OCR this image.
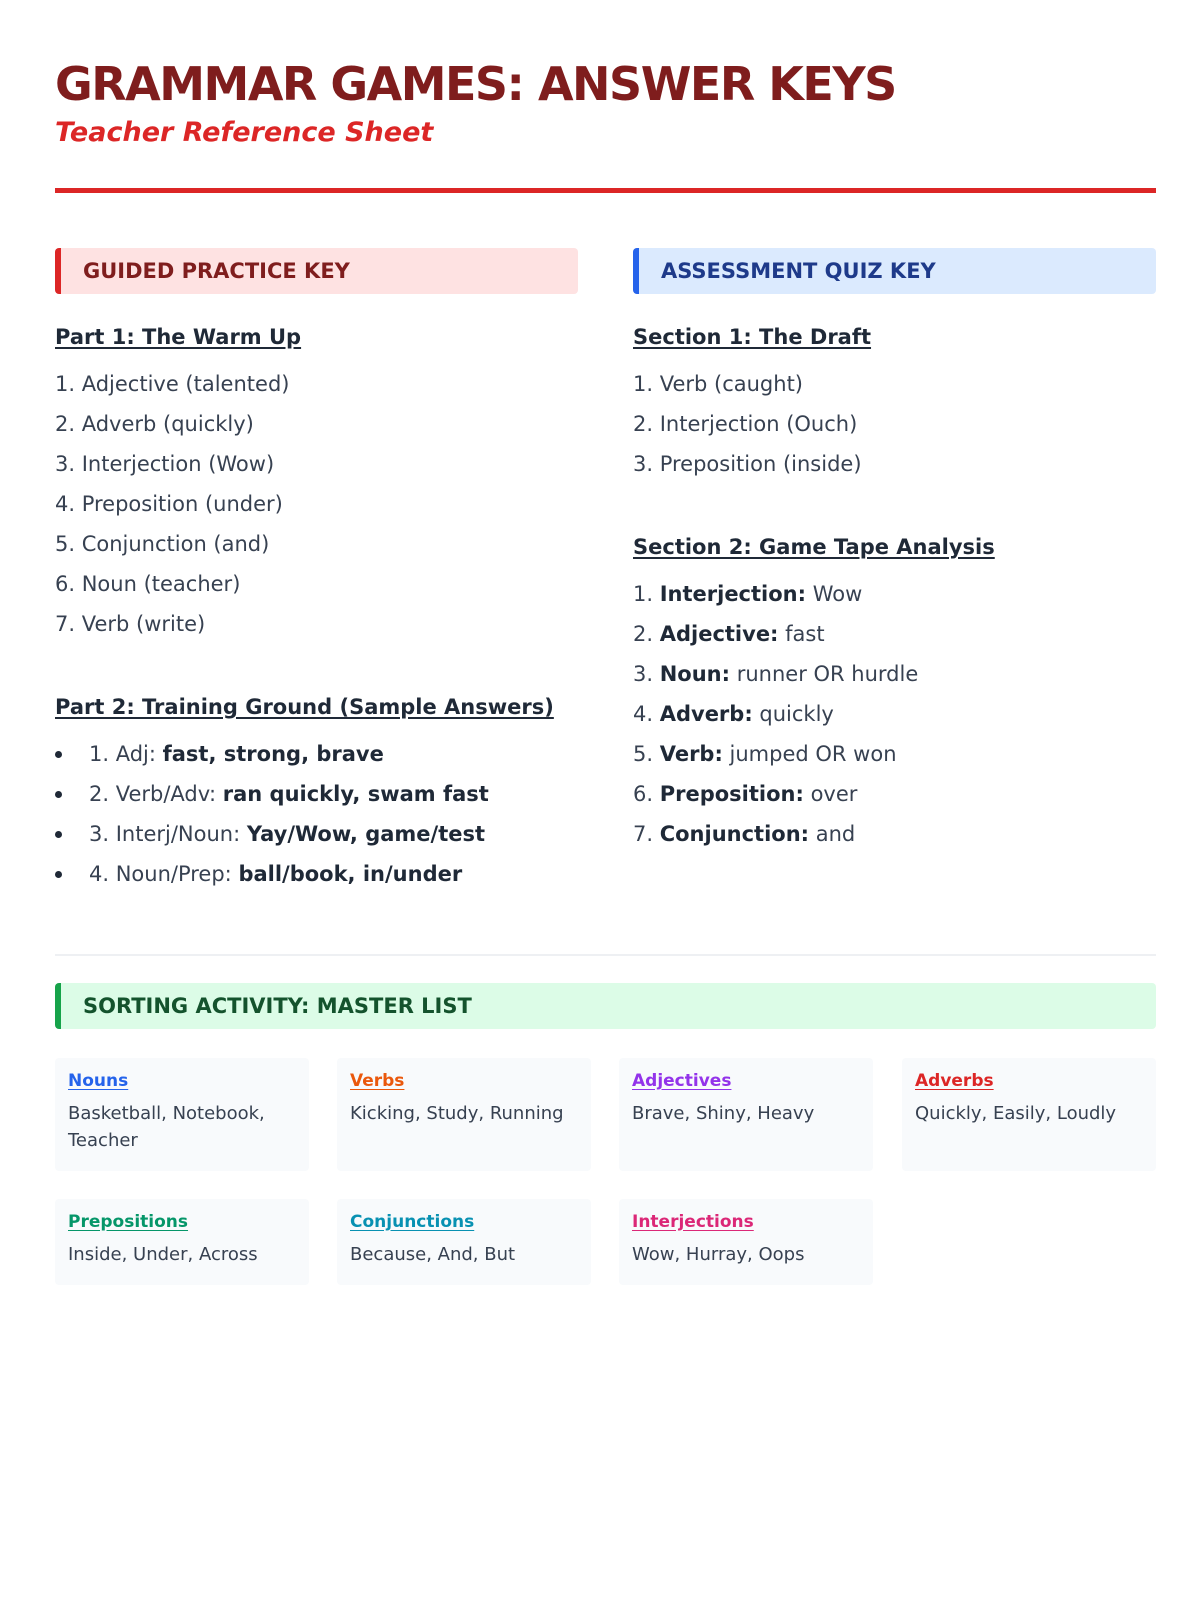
GRAMMAR GAMES: ANSWER KEYS
Teacher Reference Sheet
GUIDED PRACTICE KEY
Part 1: The Warm Up
1. Adjective (talented)
2. Adverb (quickly)
3. Interjection (Wow)
4. Preposition (under)
5. Conjunction (and)
6. Noun (teacher)
7. Verb (write)
Part 2: Training Ground (Sample Answers)
1. Adj: fast, strong, brave
2. Verb/Adv: ran quickly, swam fast
3. Interj/Noun: Yay/Wow, game/test
4. Noun/Prep: ball/book, in/under
ASSESSMENT QUIZ KEY
Section 1: The Draft
1. Verb (caught)
2. Interjection (Ouch)
3. Preposition (inside)
Section 2: Game Tape Analysis
1. Interjection: Wow
2. Adjective: fast
3. Noun: runner OR hurdle
4. Adverb: quickly
5. Verb: jumped OR won
6. Preposition: over
7. Conjunction: and
SORTING ACTIVITY: MASTER LIST
Nouns
Basketball, Notebook, Teacher
Verbs
Kicking, Study, Running
Adjectives
Brave, Shiny, Heavy
Adverbs
Quickly, Easily, Loudly
Prepositions
Inside, Under, Across
Conjunctions
Because, And, But
Interjections
Wow, Hurray, Oops
